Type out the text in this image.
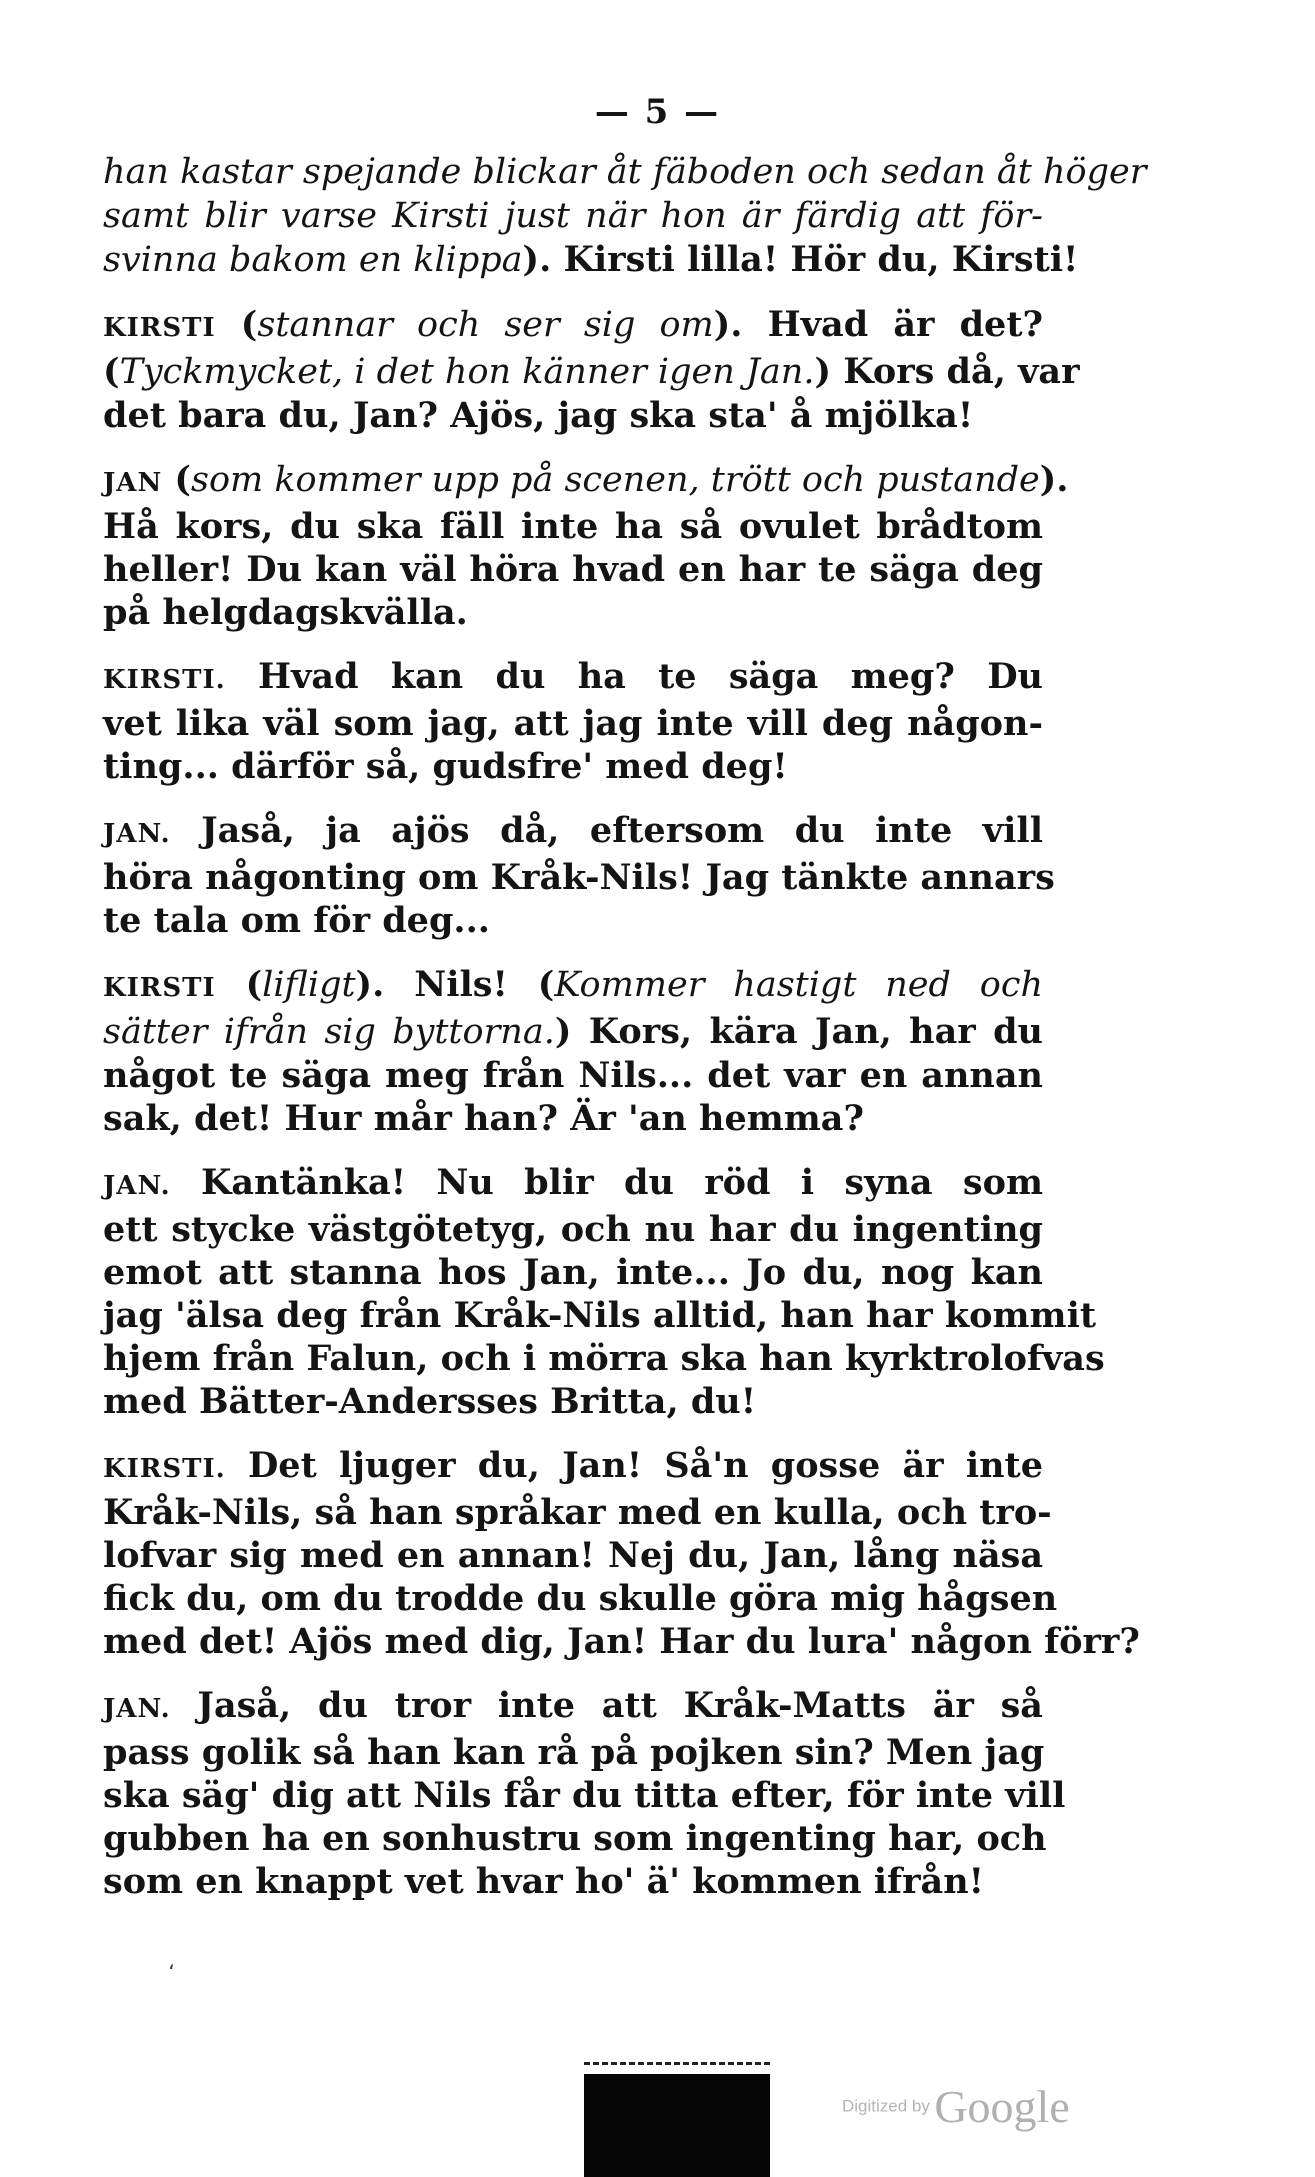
— 5 —

han kastar spejande blickar åt fäboden och sedan åt höger
samt blir varse Kirsti just när hon är färdig att för-
svinna bakom en klippa). Kirsti lilla! Hör du, Kirsti!

KIRSTI (stannar och ser sig om). Hvad är det?
(Tyckmycket, i det hon känner igen Jan.) Kors då, var
det bara du, Jan? Ajös, jag ska sta' å mjölka!

JAN (som kommer upp på scenen, trött och pustande).
Hå kors, du ska fäll inte ha så ovulet brådtom
heller! Du kan väl höra hvad en har te säga deg
på helgdagskvälla.

KIRSTI. Hvad kan du ha te säga meg? Du
vet lika väl som jag, att jag inte vill deg någon-
ting... därför så, gudsfre' med deg!

JAN. Jaså, ja ajös då, eftersom du inte vill
höra någonting om Kråk-Nils! Jag tänkte annars
te tala om för deg...

KIRSTI (lifligt). Nils! (Kommer hastigt ned och
sätter ifrån sig byttorna.) Kors, kära Jan, har du
något te säga meg från Nils... det var en annan
sak, det! Hur mår han? Är 'an hemma?

JAN. Kantänka! Nu blir du röd i syna som
ett stycke västgötetyg, och nu har du ingenting
emot att stanna hos Jan, inte... Jo du, nog kan
jag 'älsa deg från Kråk-Nils alltid, han har kommit
hjem från Falun, och i mörra ska han kyrktrolofvas
med Bätter-Andersses Britta, du!

KIRSTI. Det ljuger du, Jan! Så'n gosse är inte
Kråk-Nils, så han språkar med en kulla, och tro-
lofvar sig med en annan! Nej du, Jan, lång näsa
fick du, om du trodde du skulle göra mig hågsen
med det! Ajös med dig, Jan! Har du lura' någon förr?

JAN. Jaså, du tror inte att Kråk-Matts är så
pass golik så han kan rå på pojken sin? Men jag
ska säg' dig att Nils får du titta efter, för inte vill
gubben ha en sonhustru som ingenting har, och
som en knappt vet hvar ho' ä' kommen ifrån!

،
Digitized by Google
